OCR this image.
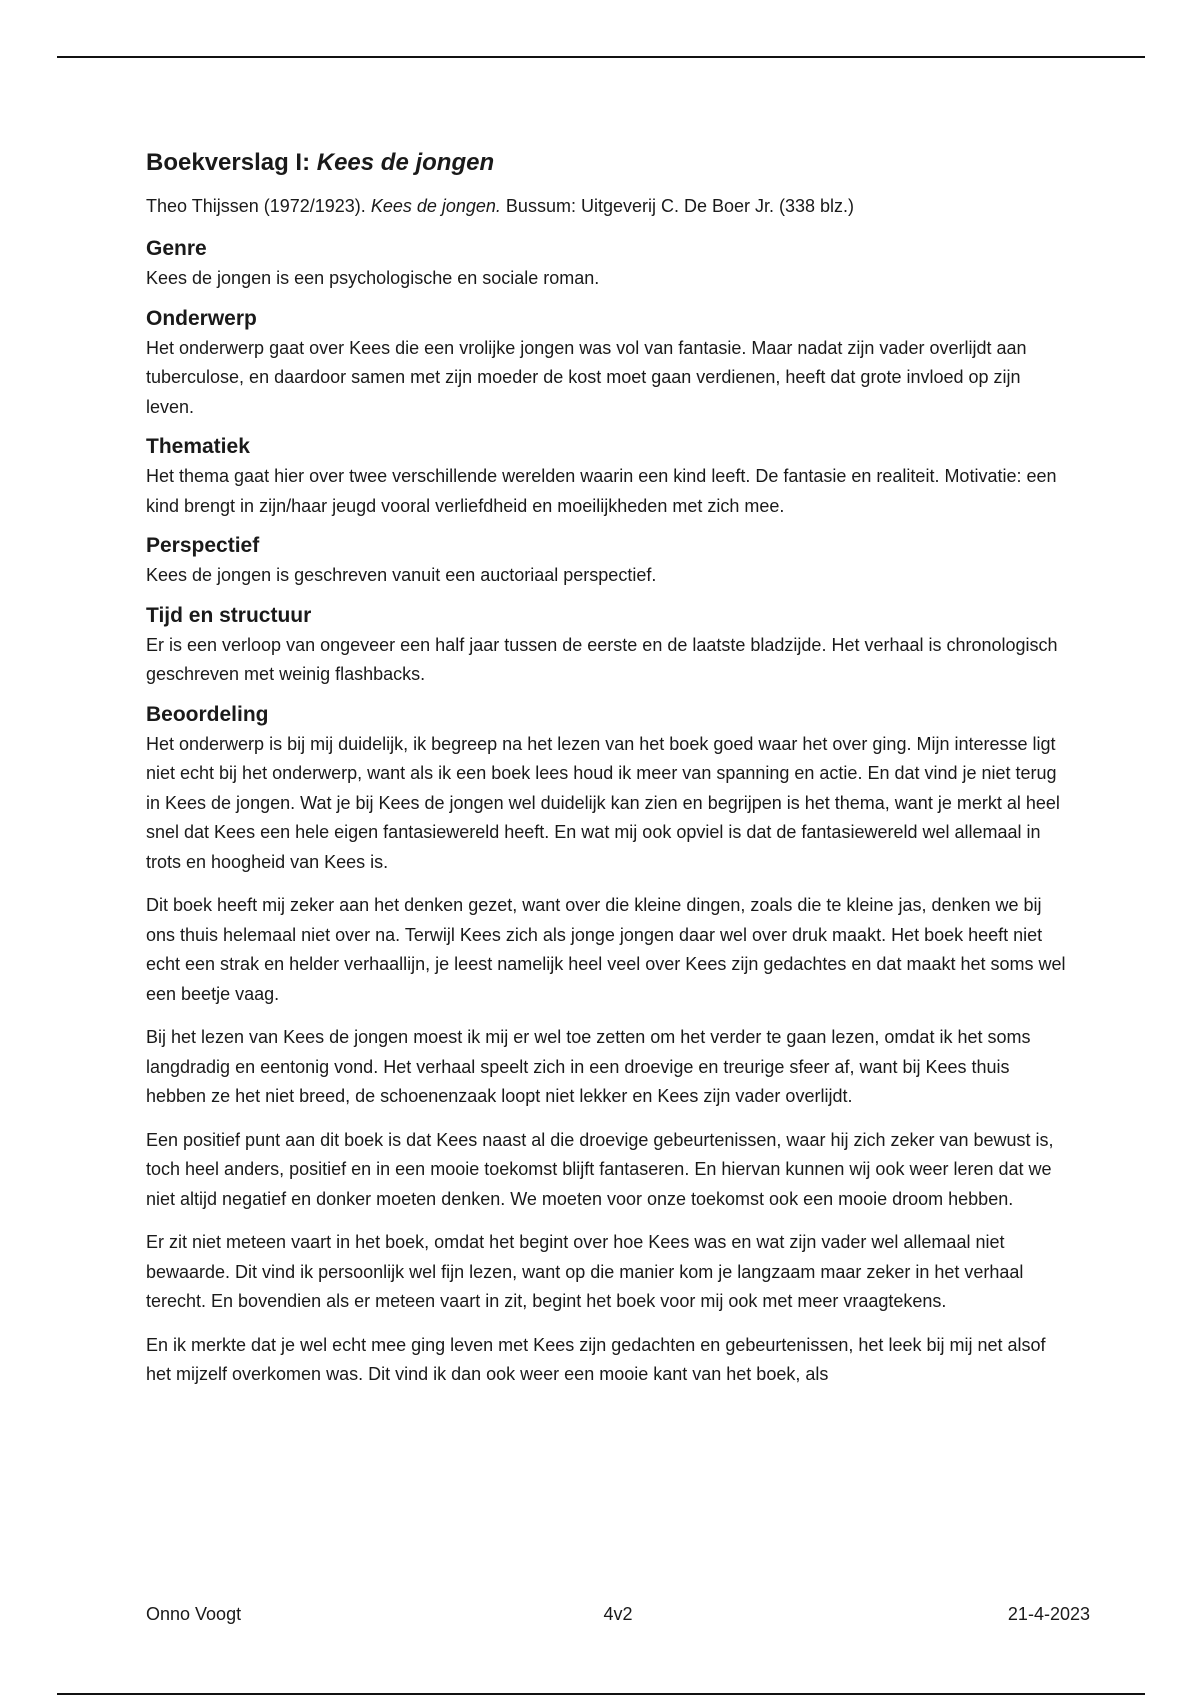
Boekverslag I: Kees de jongen

Theo Thijssen (1972/1923). Kees de jongen. Bussum: Uitgeverij C. De Boer Jr. (338 blz.)

Genre

Kees de jongen is een psychologische en sociale roman.

Onderwerp

Het onderwerp gaat over Kees die een vrolijke jongen was vol van fantasie. Maar nadat zijn vader overlijdt aan tuberculose, en daardoor samen met zijn moeder de kost moet gaan verdienen, heeft dat grote invloed op zijn leven.

Thematiek

Het thema gaat hier over twee verschillende werelden waarin een kind leeft. De fantasie en realiteit. Motivatie: een kind brengt in zijn/haar jeugd vooral verliefdheid en moeilijkheden met zich mee.

Perspectief

Kees de jongen is geschreven vanuit een auctoriaal perspectief.

Tijd en structuur

Er is een verloop van ongeveer een half jaar tussen de eerste en de laatste bladzijde. Het verhaal is chronologisch geschreven met weinig flashbacks.

Beoordeling

Het onderwerp is bij mij duidelijk, ik begreep na het lezen van het boek goed waar het over ging. Mijn interesse ligt niet echt bij het onderwerp, want als ik een boek lees houd ik meer van spanning en actie. En dat vind je niet terug in Kees de jongen. Wat je bij Kees de jongen wel duidelijk kan zien en begrijpen is het thema, want je merkt al heel snel dat Kees een hele eigen fantasiewereld heeft. En wat mij ook opviel is dat de fantasiewereld wel allemaal in trots en hoogheid van Kees is.

Dit boek heeft mij zeker aan het denken gezet, want over die kleine dingen, zoals die te kleine jas, denken we bij ons thuis helemaal niet over na. Terwijl Kees zich als jonge jongen daar wel over druk maakt. Het boek heeft niet echt een strak en helder verhaallijn, je leest namelijk heel veel over Kees zijn gedachtes en dat maakt het soms wel een beetje vaag.

Bij het lezen van Kees de jongen moest ik mij er wel toe zetten om het verder te gaan lezen, omdat ik het soms langdradig en eentonig vond. Het verhaal speelt zich in een droevige en treurige sfeer af, want bij Kees thuis hebben ze het niet breed, de schoenenzaak loopt niet lekker en Kees zijn vader overlijdt.

Een positief punt aan dit boek is dat Kees naast al die droevige gebeurtenissen, waar hij zich zeker van bewust is, toch heel anders, positief en in een mooie toekomst blijft fantaseren. En hiervan kunnen wij ook weer leren dat we niet altijd negatief en donker moeten denken. We moeten voor onze toekomst ook een mooie droom hebben.

Er zit niet meteen vaart in het boek, omdat het begint over hoe Kees was en wat zijn vader wel allemaal niet bewaarde. Dit vind ik persoonlijk wel fijn lezen, want op die manier kom je langzaam maar zeker in het verhaal terecht. En bovendien als er meteen vaart in zit, begint het boek voor mij ook met meer vraagtekens.

En ik merkte dat je wel echt mee ging leven met Kees zijn gedachten en gebeurtenissen, het leek bij mij net alsof het mijzelf overkomen was. Dit vind ik dan ook weer een mooie kant van het boek, als

Onno Voogt	4v2	21-4-2023
